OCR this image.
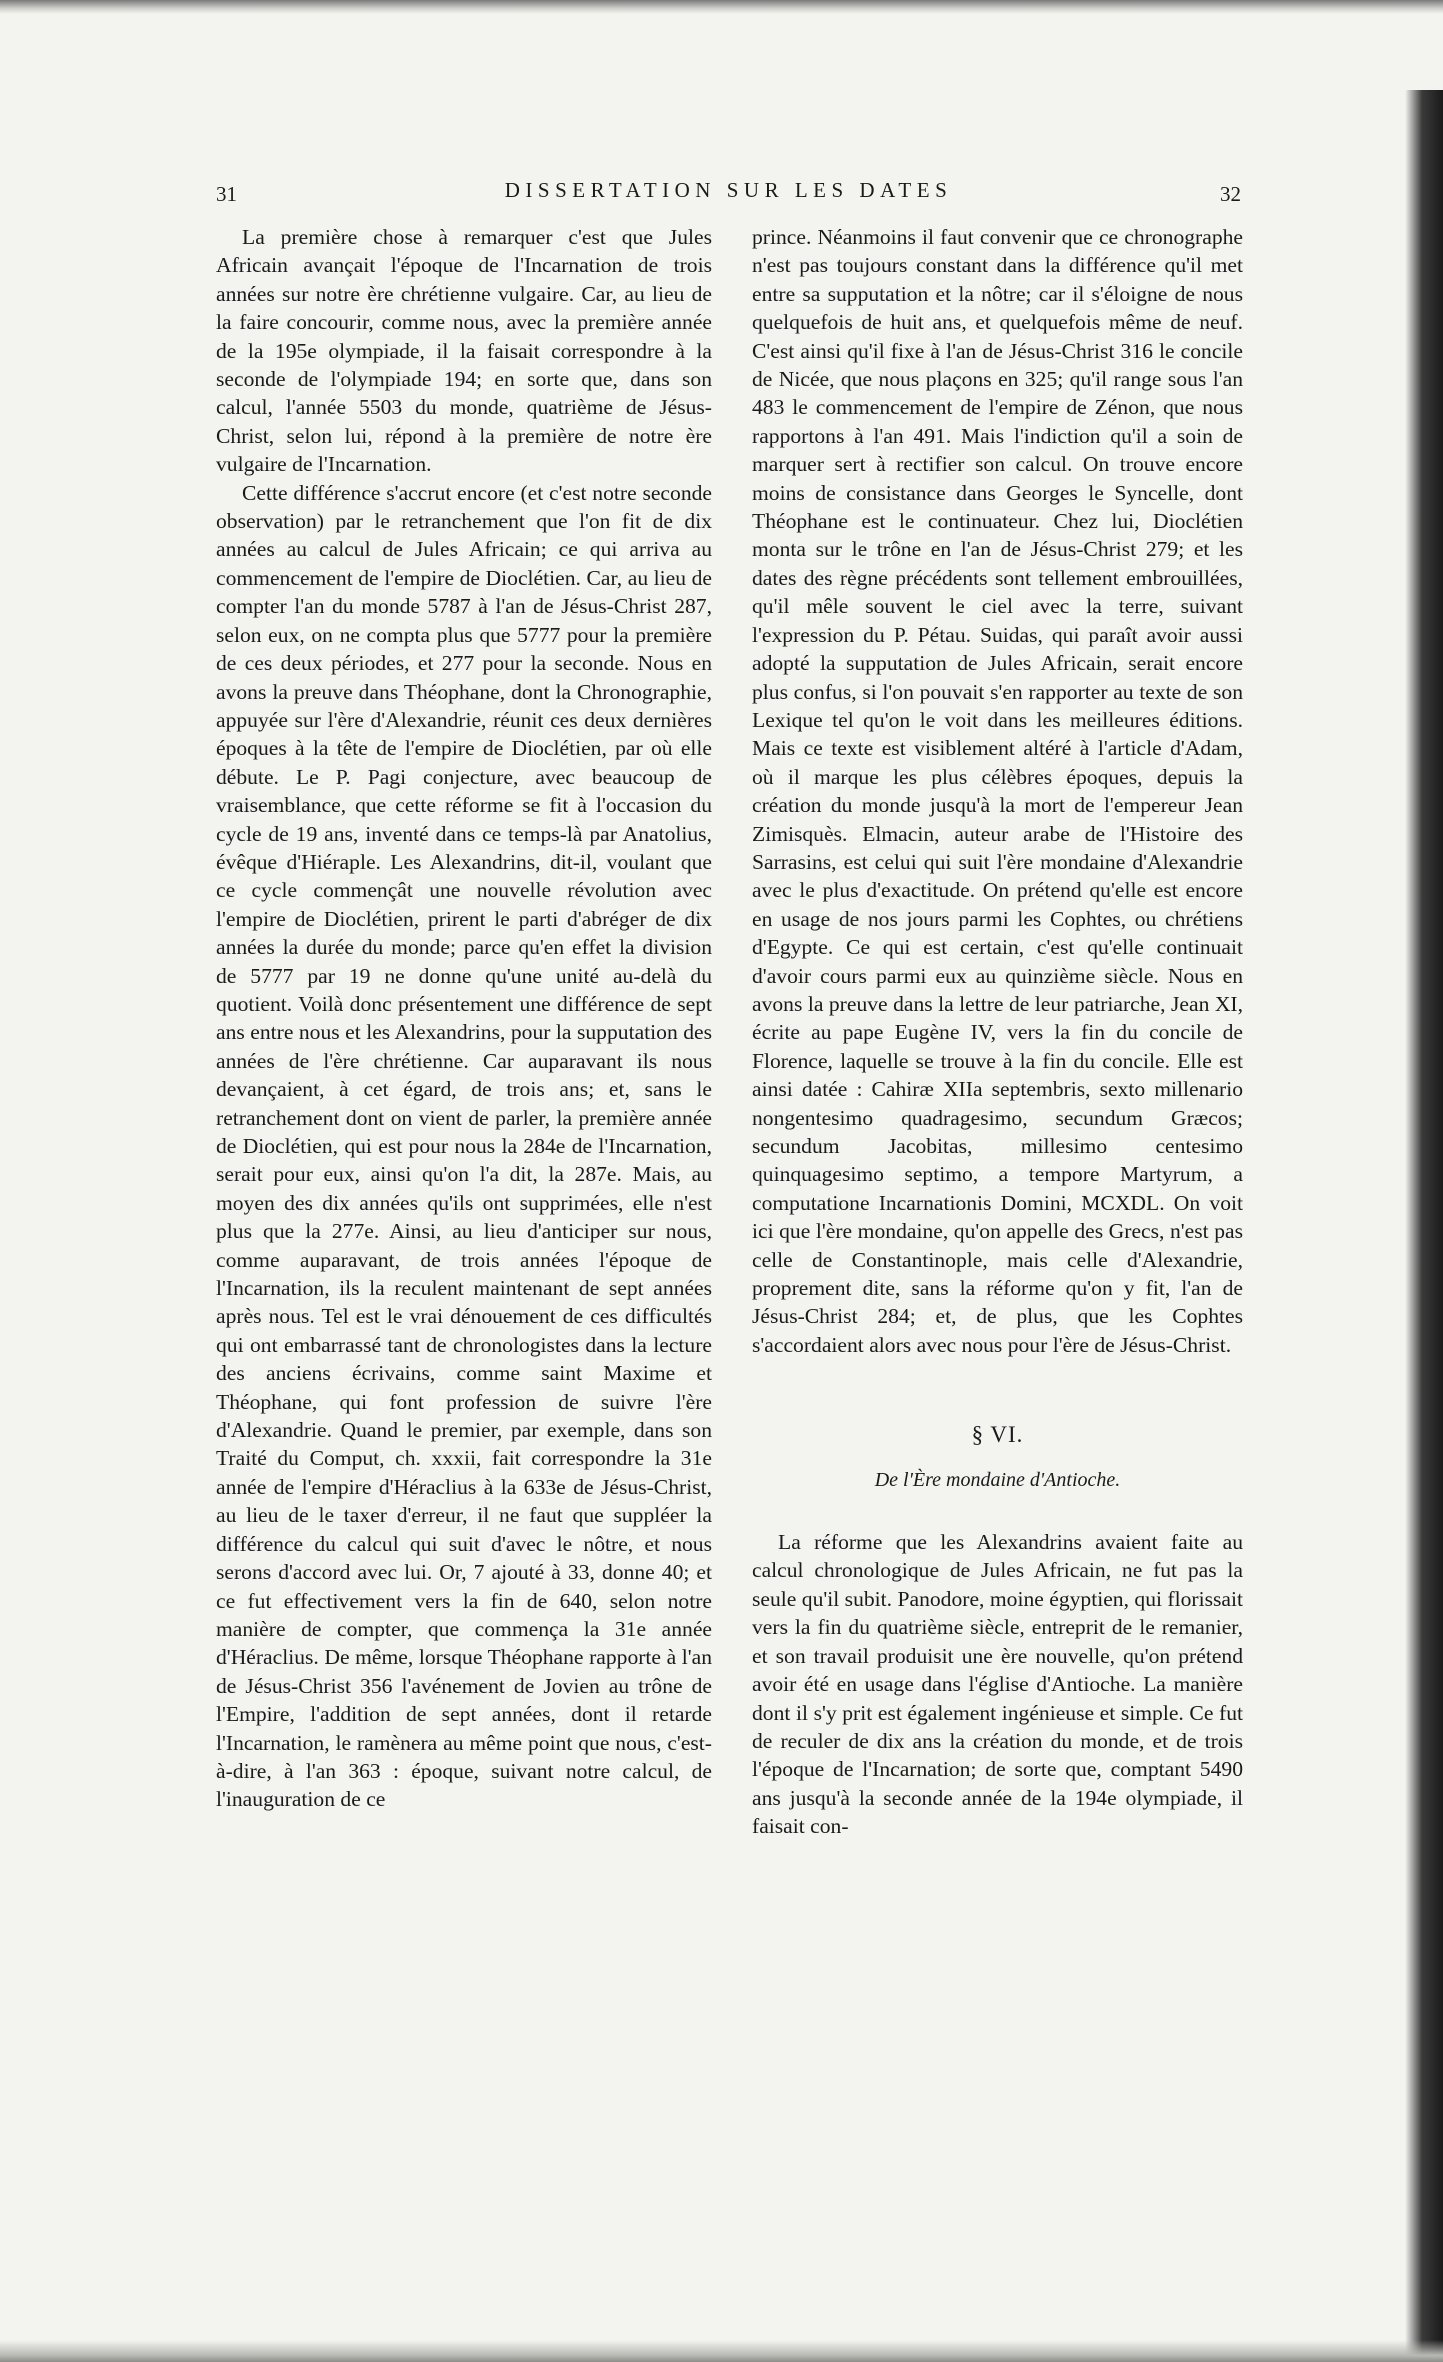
31	DISSERTATION SUR LES DATES	32

La première chose à remarquer c'est que Jules Africain avançait l'époque de l'Incarnation de trois années sur notre ère chrétienne vulgaire. Car, au lieu de la faire concourir, comme nous, avec la première année de la 195e olympiade, il la faisait correspondre à la seconde de l'olympiade 194; en sorte que, dans son calcul, l'année 5503 du monde, quatrième de Jésus-Christ, selon lui, répond à la première de notre ère vulgaire de l'Incarnation.

Cette différence s'accrut encore (et c'est notre seconde observation) par le retranchement que l'on fit de dix années au calcul de Jules Africain; ce qui arriva au commencement de l'empire de Dioclétien. Car, au lieu de compter l'an du monde 5787 à l'an de Jésus-Christ 287, selon eux, on ne compta plus que 5777 pour la première de ces deux périodes, et 277 pour la seconde. Nous en avons la preuve dans Théophane, dont la Chronographie, appuyée sur l'ère d'Alexandrie, réunit ces deux dernières époques à la tête de l'empire de Dioclétien, par où elle débute. Le P. Pagi conjecture, avec beaucoup de vraisemblance, que cette réforme se fit à l'occasion du cycle de 19 ans, inventé dans ce temps-là par Anatolius, évêque d'Hiéraple. Les Alexandrins, dit-il, voulant que ce cycle commençât une nouvelle révolution avec l'empire de Dioclétien, prirent le parti d'abréger de dix années la durée du monde; parce qu'en effet la division de 5777 par 19 ne donne qu'une unité au-delà du quotient. Voilà donc présentement une différence de sept ans entre nous et les Alexandrins, pour la supputation des années de l'ère chrétienne. Car auparavant ils nous devançaient, à cet égard, de trois ans; et, sans le retranchement dont on vient de parler, la première année de Dioclétien, qui est pour nous la 284e de l'Incarnation, serait pour eux, ainsi qu'on l'a dit, la 287e. Mais, au moyen des dix années qu'ils ont supprimées, elle n'est plus que la 277e. Ainsi, au lieu d'anticiper sur nous, comme auparavant, de trois années l'époque de l'Incarnation, ils la reculent maintenant de sept années après nous. Tel est le vrai dénouement de ces difficultés qui ont embarrassé tant de chronologistes dans la lecture des anciens écrivains, comme saint Maxime et Théophane, qui font profession de suivre l'ère d'Alexandrie. Quand le premier, par exemple, dans son Traité du Comput, ch. xxxii, fait correspondre la 31e année de l'empire d'Héraclius à la 633e de Jésus-Christ, au lieu de le taxer d'erreur, il ne faut que suppléer la différence du calcul qui suit d'avec le nôtre, et nous serons d'accord avec lui. Or, 7 ajouté à 33, donne 40; et ce fut effectivement vers la fin de 640, selon notre manière de compter, que commença la 31e année d'Héraclius. De même, lorsque Théophane rapporte à l'an de Jésus-Christ 356 l'avénement de Jovien au trône de l'Empire, l'addition de sept années, dont il retarde l'Incarnation, le ramènera au même point que nous, c'est-à-dire, à l'an 363 : époque, suivant notre calcul, de l'inauguration de ce

prince. Néanmoins il faut convenir que ce chronographe n'est pas toujours constant dans la différence qu'il met entre sa supputation et la nôtre; car il s'éloigne de nous quelquefois de huit ans, et quelquefois même de neuf. C'est ainsi qu'il fixe à l'an de Jésus-Christ 316 le concile de Nicée, que nous plaçons en 325; qu'il range sous l'an 483 le commencement de l'empire de Zénon, que nous rapportons à l'an 491. Mais l'indiction qu'il a soin de marquer sert à rectifier son calcul. On trouve encore moins de consistance dans Georges le Syncelle, dont Théophane est le continuateur. Chez lui, Dioclétien monta sur le trône en l'an de Jésus-Christ 279; et les dates des règne précédents sont tellement embrouillées, qu'il mêle souvent le ciel avec la terre, suivant l'expression du P. Pétau. Suidas, qui paraît avoir aussi adopté la supputation de Jules Africain, serait encore plus confus, si l'on pouvait s'en rapporter au texte de son Lexique tel qu'on le voit dans les meilleures éditions. Mais ce texte est visiblement altéré à l'article d'Adam, où il marque les plus célèbres époques, depuis la création du monde jusqu'à la mort de l'empereur Jean Zimisquès. Elmacin, auteur arabe de l'Histoire des Sarrasins, est celui qui suit l'ère mondaine d'Alexandrie avec le plus d'exactitude. On prétend qu'elle est encore en usage de nos jours parmi les Cophtes, ou chrétiens d'Egypte. Ce qui est certain, c'est qu'elle continuait d'avoir cours parmi eux au quinzième siècle. Nous en avons la preuve dans la lettre de leur patriarche, Jean XI, écrite au pape Eugène IV, vers la fin du concile de Florence, laquelle se trouve à la fin du concile. Elle est ainsi datée : Cahiræ XIIa septembris, sexto millenario nongentesimo quadragesimo, secundum Græcos; secundum Jacobitas, millesimo centesimo quinquagesimo septimo, a tempore Martyrum, a computatione Incarnationis Domini, MCXDL. On voit ici que l'ère mondaine, qu'on appelle des Grecs, n'est pas celle de Constantinople, mais celle d'Alexandrie, proprement dite, sans la réforme qu'on y fit, l'an de Jésus-Christ 284; et, de plus, que les Cophtes s'accordaient alors avec nous pour l'ère de Jésus-Christ.

§ VI.
De l'Ère mondaine d'Antioche.

La réforme que les Alexandrins avaient faite au calcul chronologique de Jules Africain, ne fut pas la seule qu'il subit. Panodore, moine égyptien, qui florissait vers la fin du quatrième siècle, entreprit de le remanier, et son travail produisit une ère nouvelle, qu'on prétend avoir été en usage dans l'église d'Antioche. La manière dont il s'y prit est également ingénieuse et simple. Ce fut de reculer de dix ans la création du monde, et de trois l'époque de l'Incarnation; de sorte que, comptant 5490 ans jusqu'à la seconde année de la 194e olympiade, il faisait con-
